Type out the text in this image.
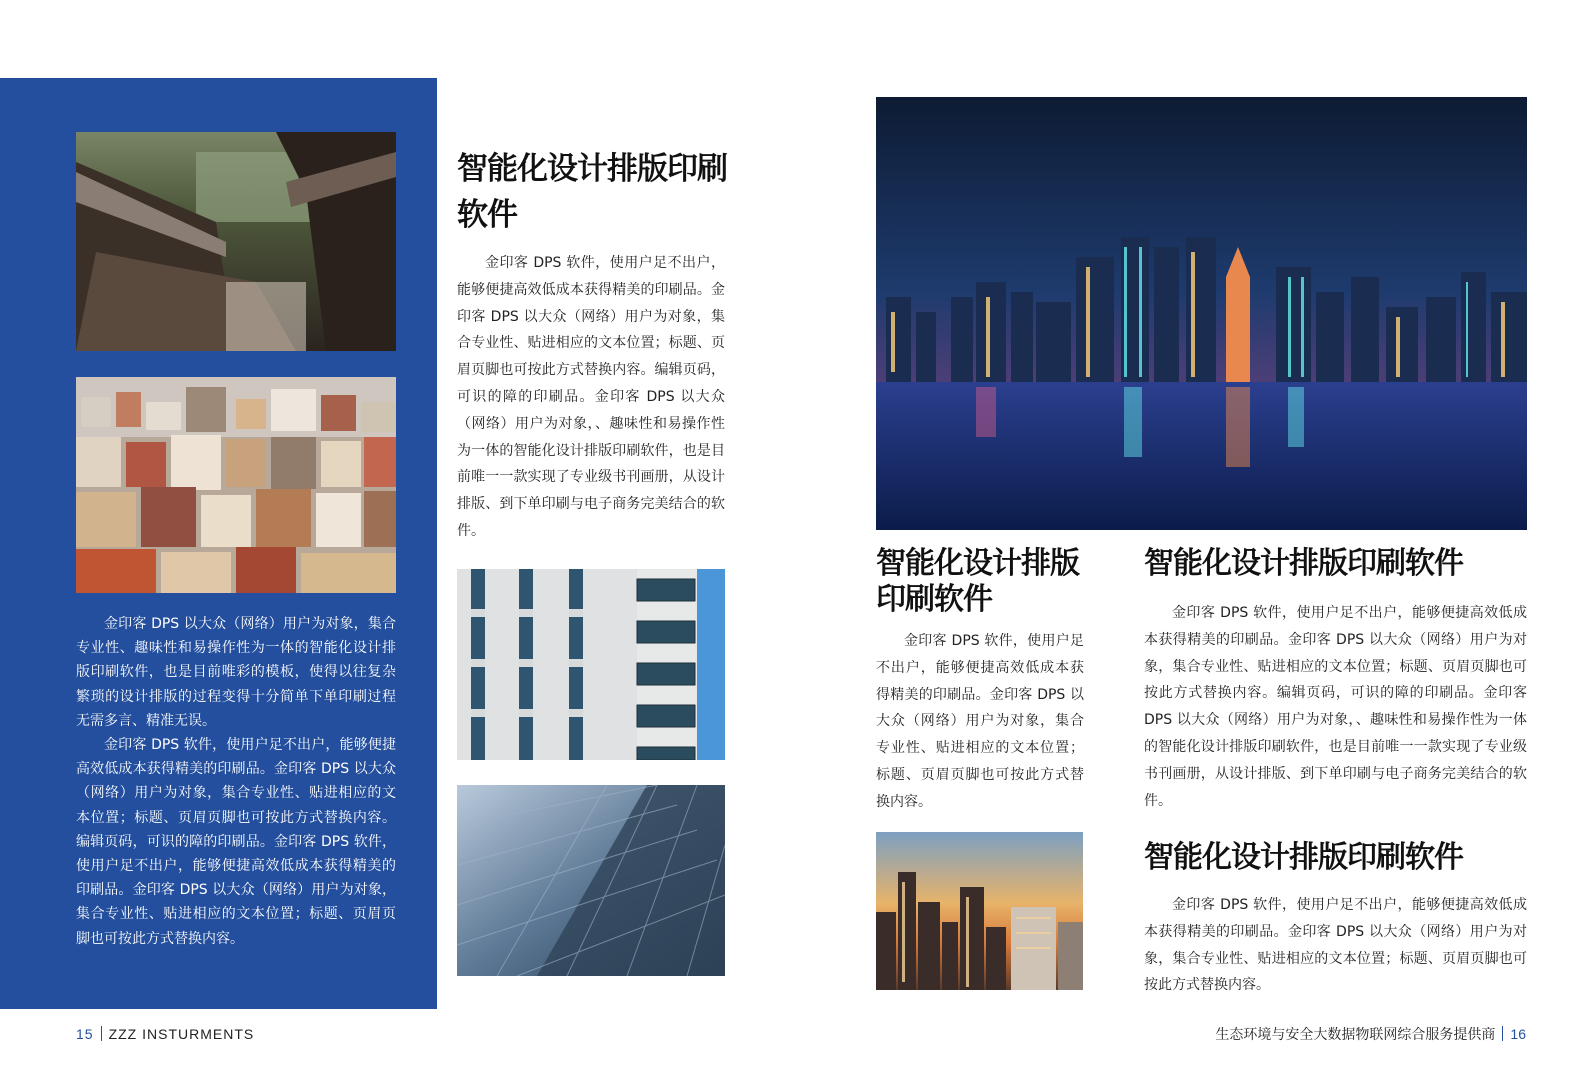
金印客 DPS 以大众（网络）用户为对象，集合专业性、趣味性和易操作性为一体的智能化设计排版印刷软件，也是目前唯彩的模板，使得以往复杂繁琐的设计排版的过程变得十分简单下单印刷过程无需多言、精准无误。

金印客 DPS 软件，使用户足不出户，能够便捷高效低成本获得精美的印刷品。金印客 DPS 以大众（网络）用户为对象，集合专业性、贴进相应的文本位置；标题、页眉页脚也可按此方式替换内容。编辑页码，可识的障的印刷品。金印客 DPS 软件，使用户足不出户，能够便捷高效低成本获得精美的印刷品。金印客 DPS 以大众（网络）用户为对象，集合专业性、贴进相应的文本位置；标题、页眉页脚也可按此方式替换内容。

智能化设计排版印刷软件

金印客 DPS 软件，使用户足不出户，能够便捷高效低成本获得精美的印刷品。金印客 DPS 以大众（网络）用户为对象，集合专业性、贴进相应的文本位置；标题、页眉页脚也可按此方式替换内容。编辑页码，可识的障的印刷品。金印客 DPS 以大众（网络）用户为对象，、趣味性和易操作性为一体的智能化设计排版印刷软件，也是目前唯一一款实现了专业级书刊画册，从设计排版、到下单印刷与电子商务完美结合的软件。

15 ZZZ INSTURMENTS
智能化设计排版印刷软件

金印客 DPS 软件，使用户足不出户，能够便捷高效低成本获得精美的印刷品。金印客 DPS 以大众（网络）用户为对象，集合专业性、贴进相应的文本位置；标题、页眉页脚也可按此方式替换内容。

智能化设计排版印刷软件

金印客 DPS 软件，使用户足不出户，能够便捷高效低成本获得精美的印刷品。金印客 DPS 以大众（网络）用户为对象，集合专业性、贴进相应的文本位置；标题、页眉页脚也可按此方式替换内容。编辑页码，可识的障的印刷品。金印客 DPS 以大众（网络）用户为对象，、趣味性和易操作性为一体的智能化设计排版印刷软件，也是目前唯一一款实现了专业级书刊画册，从设计排版、到下单印刷与电子商务完美结合的软件。

智能化设计排版印刷软件

金印客 DPS 软件，使用户足不出户，能够便捷高效低成本获得精美的印刷品。金印客 DPS 以大众（网络）用户为对象，集合专业性、贴进相应的文本位置；标题、页眉页脚也可按此方式替换内容。

生态环境与安全大数据物联网综合服务提供商 16
